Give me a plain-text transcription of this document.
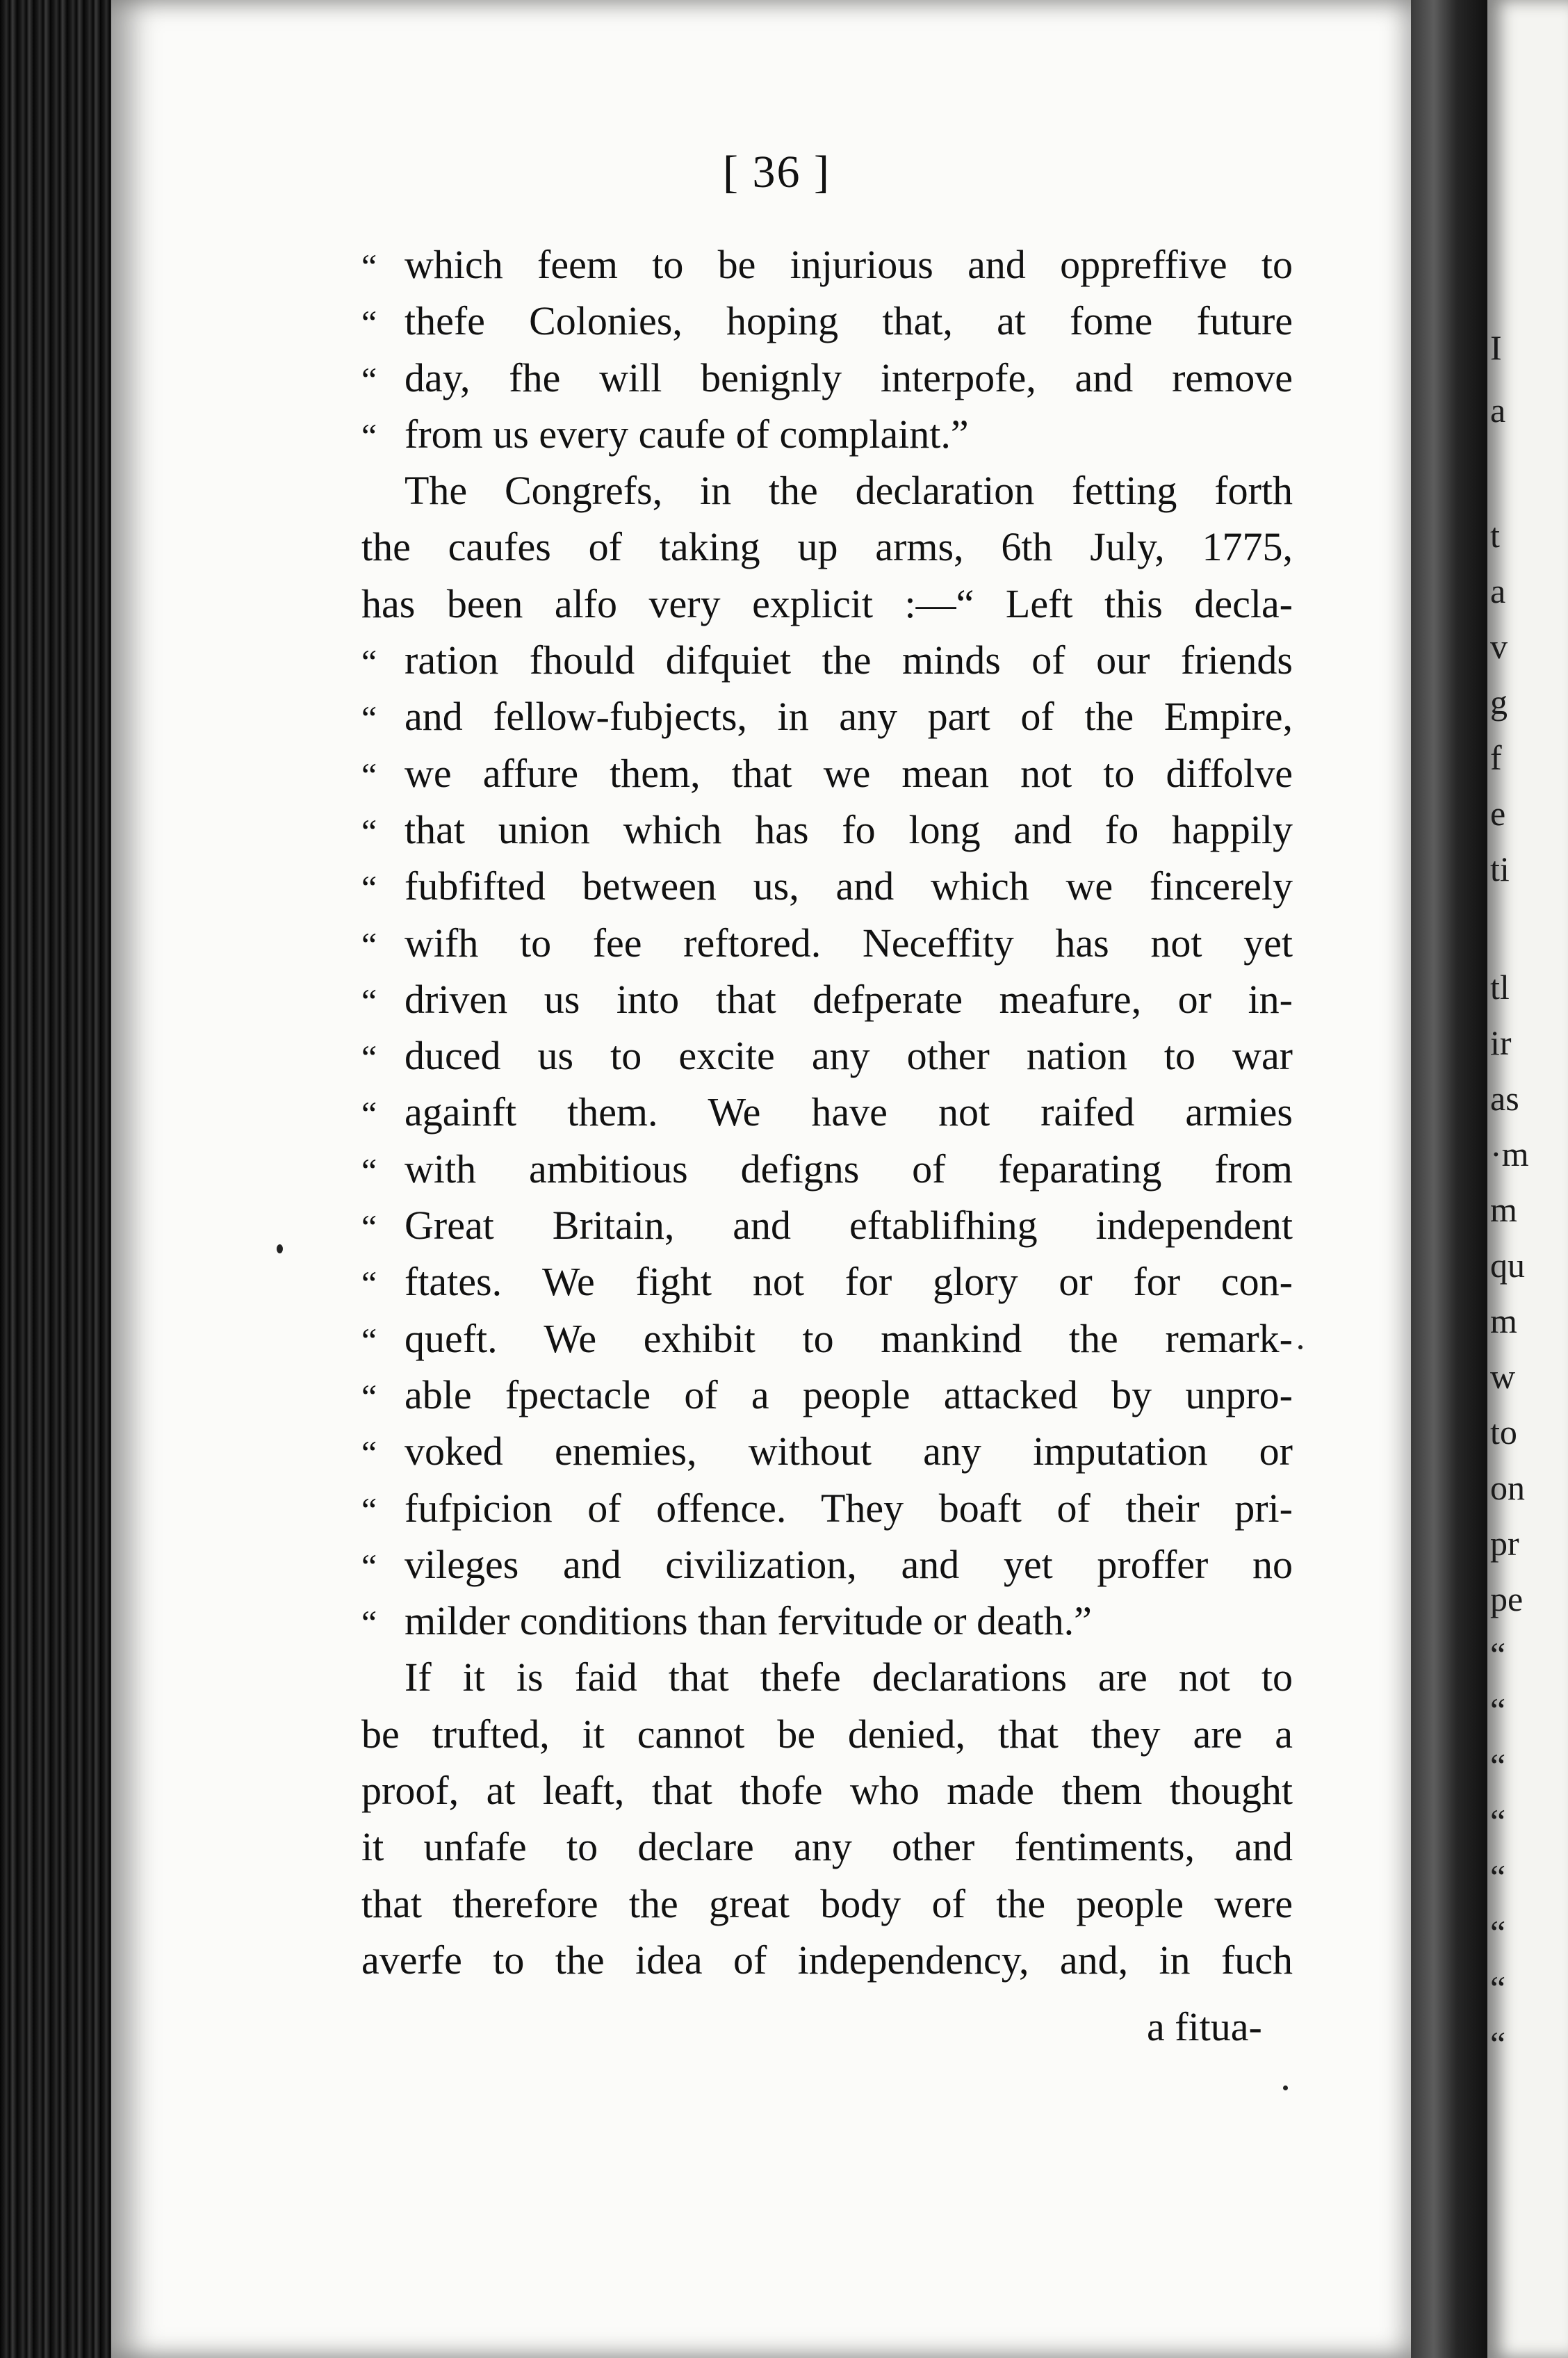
[ 36 ]
“ which feem to be injurious and oppreffive to
“ thefe Colonies, hoping that, at fome future
“ day, fhe will benignly interpofe, and remove
“ from us every caufe of complaint.”
The Congrefs, in the declaration fetting forth
the caufes of taking up arms, 6th July, 1775,
has been alfo very explicit :—“ Left this decla-
“ ration fhould difquiet the minds of our friends
“ and fellow-fubjects, in any part of the Empire,
“ we affure them, that we mean not to diffolve
“ that union which has fo long and fo happily
“ fubfifted between us, and which we fincerely
“ wifh to fee reftored. Neceffity has not yet
“ driven us into that defperate meafure, or in-
“ duced us to excite any other nation to war
“ againft them. We have not raifed armies
“ with ambitious defigns of feparating from
“ Great Britain, and eftablifhing independent
“ ftates. We fight not for glory or for con-
“ queft. We exhibit to mankind the remark-
“ able fpectacle of a people attacked by unpro-
“ voked enemies, without any imputation or
“ fufpicion of offence. They boaft of their pri-
“ vileges and civilization, and yet proffer no
“ milder conditions than fervitude or death.”
If it is faid that thefe declarations are not to
be trufted, it cannot be denied, that they are a
proof, at leaft, that thofe who made them thought
it unfafe to declare any other fentiments, and
that therefore the great body of the people were
averfe to the idea of independency, and, in fuch
a fitua-
I
a
t
a
v
g
f
e
ti
tl
ir
as
·m
m
qu
m
w
to
on
pr
pe
“
“
“
“
“
“
“
“
